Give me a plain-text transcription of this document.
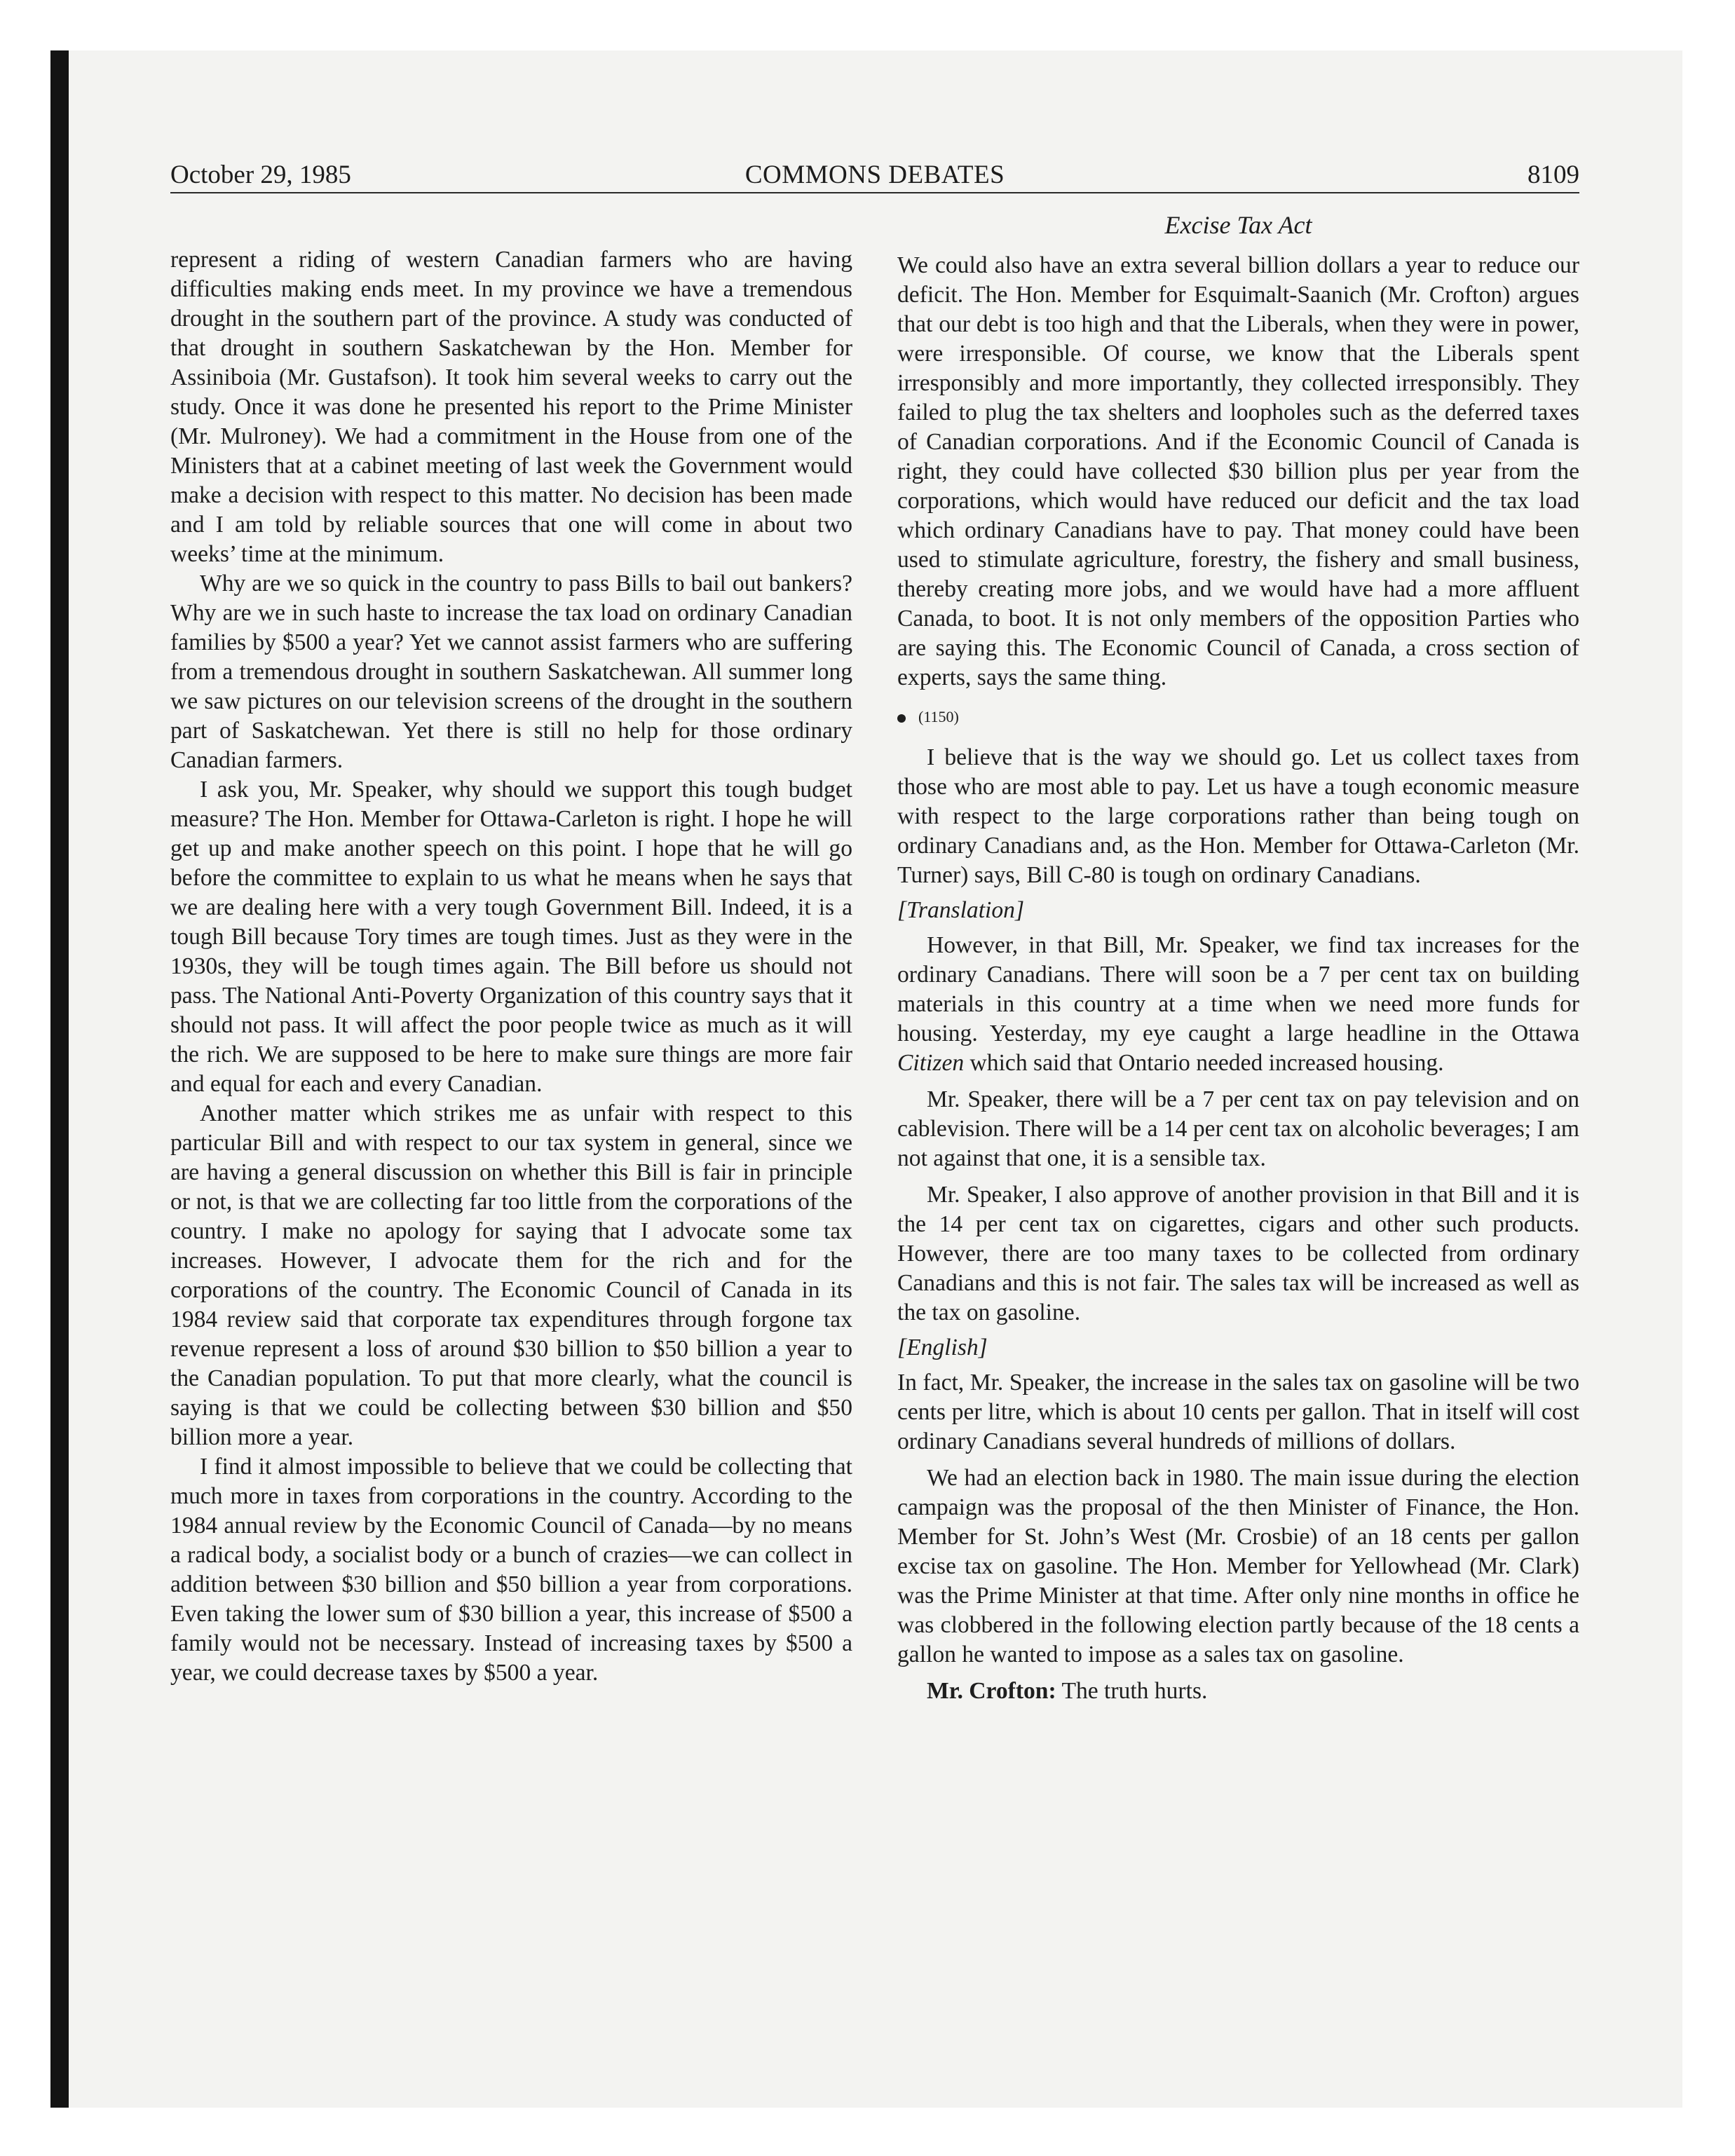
October 29, 1985	COMMONS DEBATES	8109
Excise Tax Act

represent a riding of western Canadian farmers who are having difficulties making ends meet. In my province we have a tremendous drought in the southern part of the province. A study was conducted of that drought in southern Saskatchewan by the Hon. Member for Assiniboia (Mr. Gustafson). It took him several weeks to carry out the study. Once it was done he presented his report to the Prime Minister (Mr. Mulroney). We had a commitment in the House from one of the Ministers that at a cabinet meeting of last week the Government would make a decision with respect to this matter. No decision has been made and I am told by reliable sources that one will come in about two weeks’ time at the minimum.

Why are we so quick in the country to pass Bills to bail out bankers? Why are we in such haste to increase the tax load on ordinary Canadian families by $500 a year? Yet we cannot assist farmers who are suffering from a tremendous drought in southern Saskatchewan. All summer long we saw pictures on our television screens of the drought in the southern part of Saskatchewan. Yet there is still no help for those ordinary Canadian farmers.

I ask you, Mr. Speaker, why should we support this tough budget measure? The Hon. Member for Ottawa-Carleton is right. I hope he will get up and make another speech on this point. I hope that he will go before the committee to explain to us what he means when he says that we are dealing here with a very tough Government Bill. Indeed, it is a tough Bill because Tory times are tough times. Just as they were in the 1930s, they will be tough times again. The Bill before us should not pass. The National Anti-Poverty Organization of this country says that it should not pass. It will affect the poor people twice as much as it will the rich. We are supposed to be here to make sure things are more fair and equal for each and every Canadian.

Another matter which strikes me as unfair with respect to this particular Bill and with respect to our tax system in general, since we are having a general discussion on whether this Bill is fair in principle or not, is that we are collecting far too little from the corporations of the country. I make no apology for saying that I advocate some tax increases. However, I advocate them for the rich and for the corporations of the country. The Economic Council of Canada in its 1984 review said that corporate tax expenditures through forgone tax revenue represent a loss of around $30 billion to $50 billion a year to the Canadian population. To put that more clearly, what the council is saying is that we could be collecting between $30 billion and $50 billion more a year.

I find it almost impossible to believe that we could be collecting that much more in taxes from corporations in the country. According to the 1984 annual review by the Economic Council of Canada—by no means a radical body, a socialist body or a bunch of crazies—we can collect in addition between $30 billion and $50 billion a year from corporations. Even taking the lower sum of $30 billion a year, this increase of $500 a family would not be necessary. Instead of increasing taxes by $500 a year, we could decrease taxes by $500 a year.

We could also have an extra several billion dollars a year to reduce our deficit. The Hon. Member for Esquimalt-Saanich (Mr. Crofton) argues that our debt is too high and that the Liberals, when they were in power, were irresponsible. Of course, we know that the Liberals spent irresponsibly and more importantly, they collected irresponsibly. They failed to plug the tax shelters and loopholes such as the deferred taxes of Canadian corporations. And if the Economic Council of Canada is right, they could have collected $30 billion plus per year from the corporations, which would have reduced our deficit and the tax load which ordinary Canadians have to pay. That money could have been used to stimulate agriculture, forestry, the fishery and small business, thereby creating more jobs, and we would have had a more affluent Canada, to boot. It is not only members of the opposition Parties who are saying this. The Economic Council of Canada, a cross section of experts, says the same thing.

(1150)

I believe that is the way we should go. Let us collect taxes from those who are most able to pay. Let us have a tough economic measure with respect to the large corporations rather than being tough on ordinary Canadians and, as the Hon. Member for Ottawa-Carleton (Mr. Turner) says, Bill C-80 is tough on ordinary Canadians.

[Translation]

However, in that Bill, Mr. Speaker, we find tax increases for the ordinary Canadians. There will soon be a 7 per cent tax on building materials in this country at a time when we need more funds for housing. Yesterday, my eye caught a large headline in the Ottawa Citizen which said that Ontario needed increased housing.

Mr. Speaker, there will be a 7 per cent tax on pay television and on cablevision. There will be a 14 per cent tax on alcoholic beverages; I am not against that one, it is a sensible tax.

Mr. Speaker, I also approve of another provision in that Bill and it is the 14 per cent tax on cigarettes, cigars and other such products. However, there are too many taxes to be collected from ordinary Canadians and this is not fair. The sales tax will be increased as well as the tax on gasoline.

[English]

In fact, Mr. Speaker, the increase in the sales tax on gasoline will be two cents per litre, which is about 10 cents per gallon. That in itself will cost ordinary Canadians several hundreds of millions of dollars.

We had an election back in 1980. The main issue during the election campaign was the proposal of the then Minister of Finance, the Hon. Member for St. John’s West (Mr. Crosbie) of an 18 cents per gallon excise tax on gasoline. The Hon. Member for Yellowhead (Mr. Clark) was the Prime Minister at that time. After only nine months in office he was clobbered in the following election partly because of the 18 cents a gallon he wanted to impose as a sales tax on gasoline.

Mr. Crofton: The truth hurts.
